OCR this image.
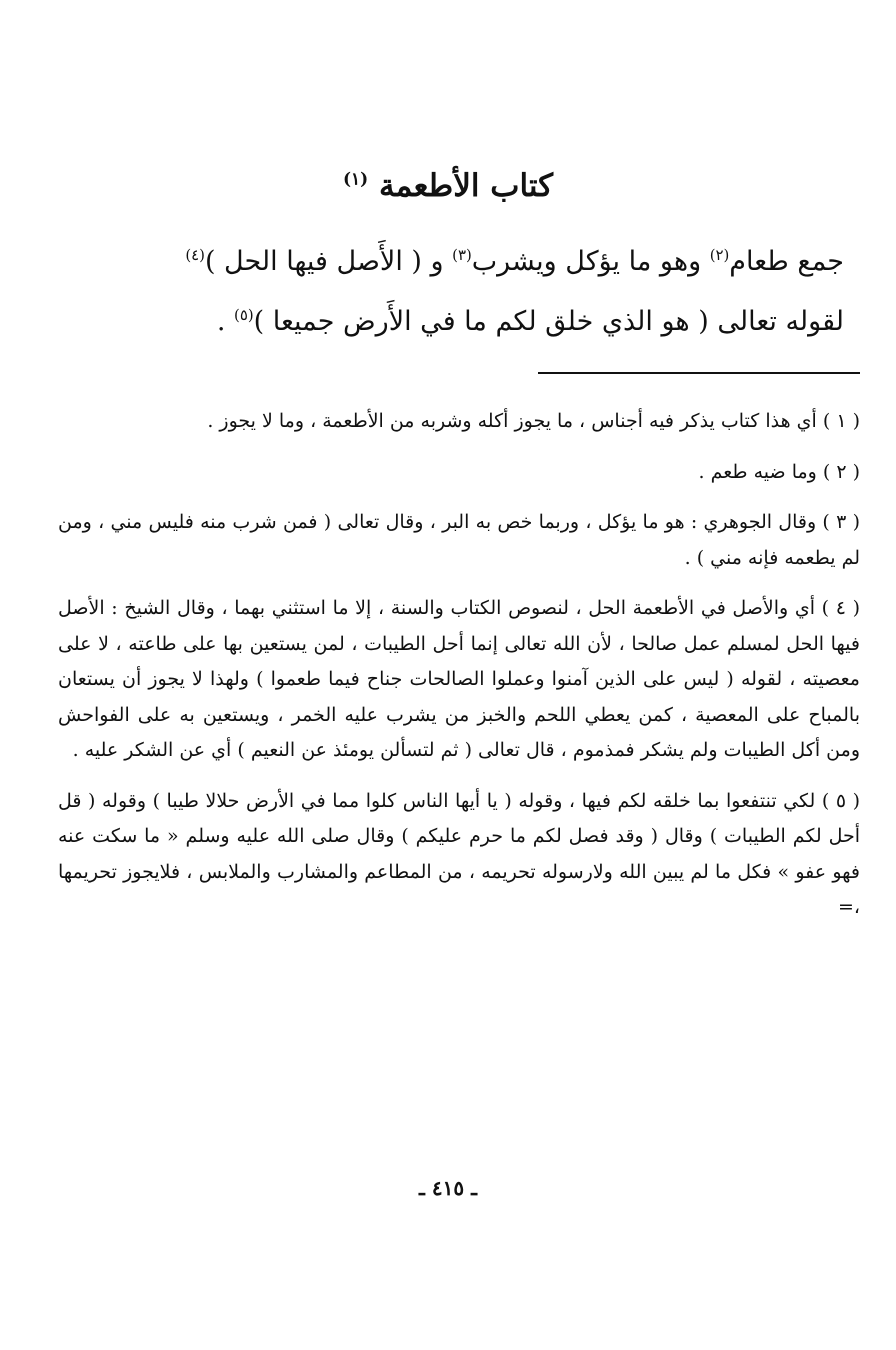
كتاب الأطعمة $^{(١)}$
جمع طعام$^{(٢)}$ وهو ما يؤكل ويشرب$^{(٣)}$ و ( الأَصل فيها الحل )$^{(٤)}$
لقوله تعالى ( هو الذي خلق لكم ما في الأَرض جميعا )$^{(٥)}$ .

( ١ ) أي هذا كتاب يذكر فيه أجناس ، ما يجوز أكله وشربه من الأطعمة ، وما لا يجوز .

( ٢ ) وما ضيه طعم .

( ٣ ) وقال الجوهري : هو ما يؤكل ، وربما خص به البر ، وقال تعالى ( فمن شرب منه فليس مني ، ومن لم يطعمه فإنه مني ) .

( ٤ ) أي والأصل في الأطعمة الحل ، لنصوص الكتاب والسنة ، إلا ما استثني بهما ، وقال الشيخ : الأصل فيها الحل لمسلم عمل صالحا ، لأن الله تعالى إنما أحل الطيبات ، لمن يستعين بها على طاعته ، لا على معصيته ، لقوله ( ليس على الذين آمنوا وعملوا الصالحات جناح فيما طعموا ) ولهذا لا يجوز أن يستعان بالمباح على المعصية ، كمن يعطي اللحم والخبز من يشرب عليه الخمر ، ويستعين به على الفواحش ومن أكل الطيبات ولم يشكر فمذموم ، قال تعالى ( ثم لتسألن يومئذ عن النعيم ) أي عن الشكر عليه .

( ٥ ) لكي تنتفعوا بما خلقه لكم فيها ، وقوله ( يا أيها الناس كلوا مما في الأرض حلالا طيبا ) وقوله ( قل أحل لكم الطيبات ) وقال ( وقد فصل لكم ما حرم عليكم ) وقال صلى الله عليه وسلم « ما سكت عنه فهو عفو » فكل ما لم يبين الله ولارسوله تحريمه ، من المطاعم والمشارب والملابس ، فلايجوز تحريمها ،=

ـ ٤١٥ ـ
